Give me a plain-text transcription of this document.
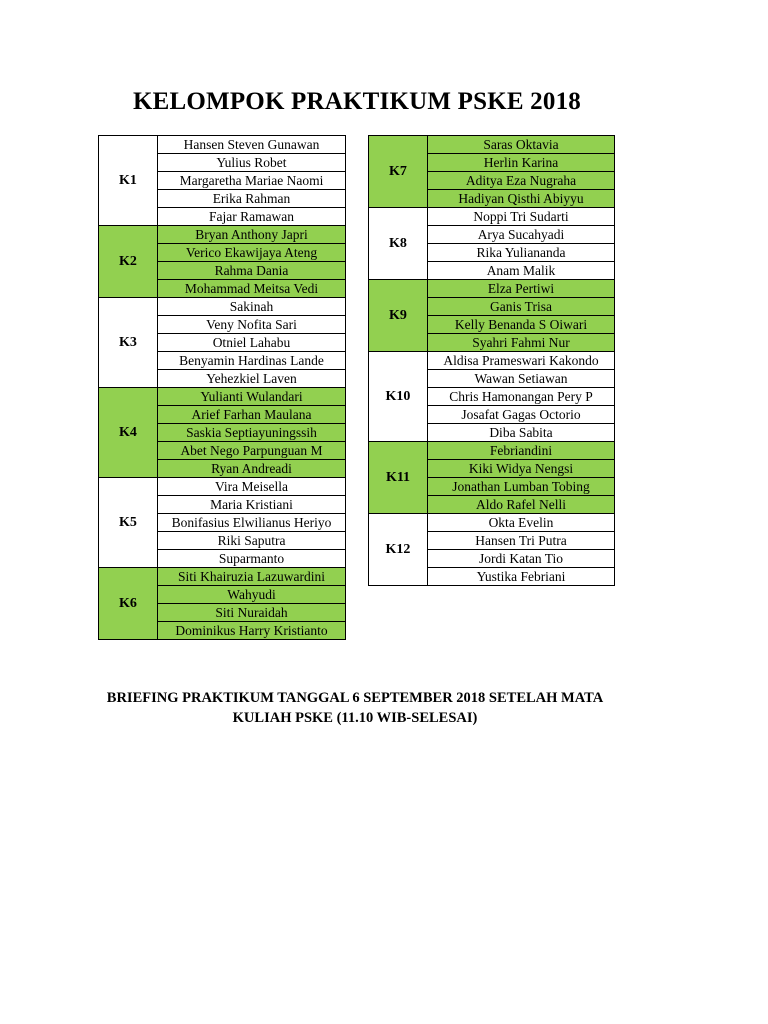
KELOMPOK PRAKTIKUM PSKE 2018
K1	Hansen Steven Gunawan
	Yulius Robet
	Margaretha Mariae Naomi
	Erika Rahman
	Fajar Ramawan
K2	Bryan Anthony Japri
	Verico Ekawijaya Ateng
	Rahma Dania
	Mohammad Meitsa Vedi
K3	Sakinah
	Veny Nofita Sari
	Otniel Lahabu
	Benyamin Hardinas Lande
	Yehezkiel Laven
K4	Yulianti Wulandari
	Arief Farhan Maulana
	Saskia Septiayuningssih
	Abet Nego Parpunguan M
	Ryan Andreadi
K5	Vira Meisella
	Maria Kristiani
	Bonifasius Elwilianus Heriyo
	Riki Saputra
	Suparmanto
K6	Siti Khairuzia Lazuwardini
	Wahyudi
	Siti Nuraidah
	Dominikus Harry Kristianto
K7	Saras Oktavia
	Herlin Karina
	Aditya Eza Nugraha
	Hadiyan Qisthi Abiyyu
K8	Noppi Tri Sudarti
	Arya Sucahyadi
	Rika Yuliananda
	Anam Malik
K9	Elza Pertiwi
	Ganis Trisa
	Kelly Benanda S Oiwari
	Syahri Fahmi Nur
K10	Aldisa Prameswari Kakondo
	Wawan Setiawan
	Chris Hamonangan Pery P
	Josafat Gagas Octorio
	Diba Sabita
K11	Febriandini
	Kiki Widya Nengsi
	Jonathan Lumban Tobing
	Aldo Rafel Nelli
K12	Okta Evelin
	Hansen Tri Putra
	Jordi Katan Tio
	Yustika Febriani
BRIEFING PRAKTIKUM TANGGAL 6 SEPTEMBER 2018 SETELAH MATA
KULIAH PSKE (11.10 WIB-SELESAI)
